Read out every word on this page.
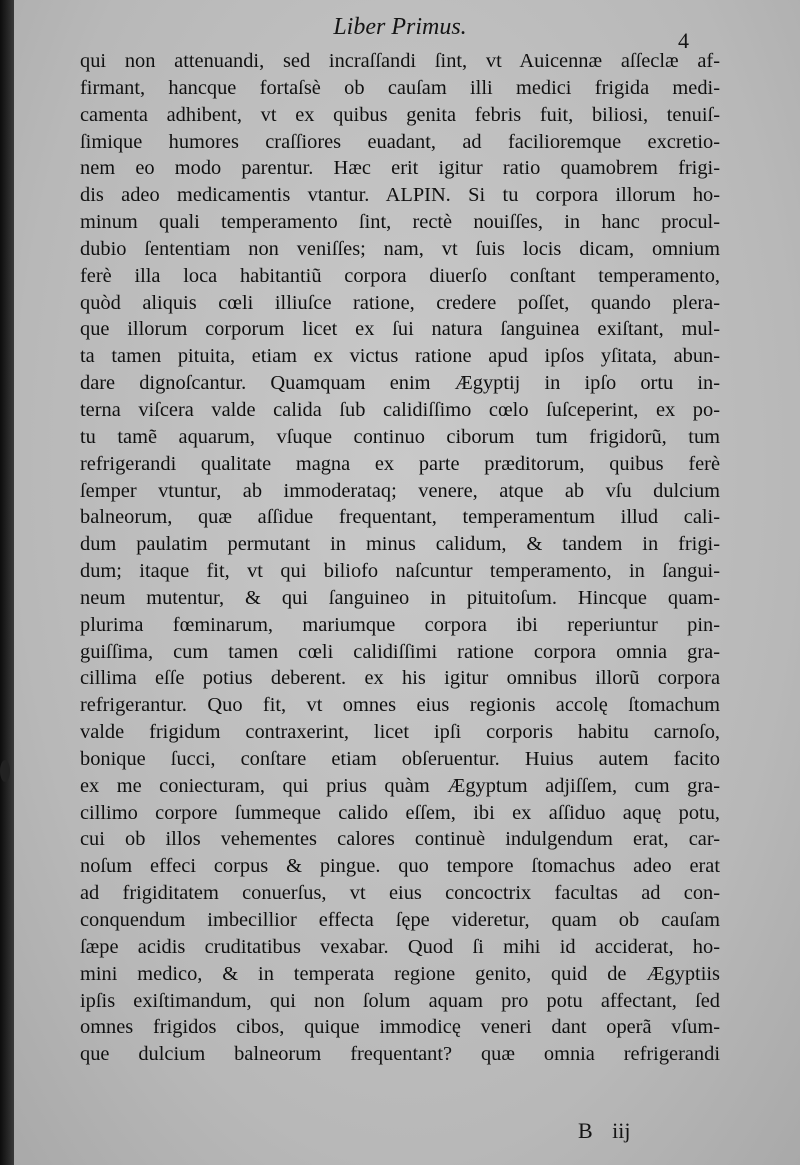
Liber Primus.
4
qui non attenuandi, sed incraſſandi ſint, vt Auicennæ aſſeclæ af-
firmant, hancque fortaſsè ob cauſam illi medici frigida medi-
camenta adhibent, vt ex quibus genita febris fuit, biliosi, tenuiſ-
ſimique humores craſſiores euadant, ad facilioremque excretio-
nem eo modo parentur. Hæc erit igitur ratio quamobrem frigi-
dis adeo medicamentis vtantur. ALPIN. Si tu corpora illorum ho-
minum quali temperamento ſint, rectè nouiſſes, in hanc procul-
dubio ſententiam non veniſſes; nam, vt ſuis locis dicam, omnium
ferè illa loca habitantiũ corpora diuerſo conſtant temperamento,
quòd aliquis cœli illiuſce ratione, credere poſſet, quando plera-
que illorum corporum licet ex ſui natura ſanguinea exiſtant, mul-
ta tamen pituita, etiam ex victus ratione apud ipſos yſitata, abun-
dare dignoſcantur. Quamquam enim Ægyptij in ipſo ortu in-
terna viſcera valde calida ſub calidiſſimo cœlo ſuſceperint, ex po-
tu tamẽ aquarum, vſuque continuo ciborum tum frigidorũ, tum
refrigerandi qualitate magna ex parte præditorum, quibus ferè
ſemper vtuntur, ab immoderataq; venere, atque ab vſu dulcium
balneorum, quæ aſſidue frequentant, temperamentum illud cali-
dum paulatim permutant in minus calidum, & tandem in frigi-
dum; itaque fit, vt qui biliofo naſcuntur temperamento, in ſangui-
neum mutentur, & qui ſanguineo in pituitoſum. Hincque quam-
plurima fœminarum, mariumque corpora ibi reperiuntur pin-
guiſſima, cum tamen cœli calidiſſimi ratione corpora omnia gra-
cillima eſſe potius deberent. ex his igitur omnibus illorũ corpora
refrigerantur. Quo fit, vt omnes eius regionis accolę ſtomachum
valde frigidum contraxerint, licet ipſi corporis habitu carnoſo,
bonique ſucci, conſtare etiam obſeruentur. Huius autem facito
ex me coniecturam, qui prius quàm Ægyptum adjiſſem, cum gra-
cillimo corpore ſummeque calido eſſem, ibi ex aſſiduo aquę potu,
cui ob illos vehementes calores continuè indulgendum erat, car-
noſum effeci corpus & pingue. quo tempore ſtomachus adeo erat
ad frigiditatem conuerſus, vt eius concoctrix facultas ad con-
conquendum imbecillior effecta ſępe videretur, quam ob cauſam
ſæpe acidis cruditatibus vexabar. Quod ſi mihi id acciderat, ho-
mini medico, & in temperata regione genito, quid de Ægyptiis
ipſis exiſtimandum, qui non ſolum aquam pro potu affectant, ſed
omnes frigidos cibos, quique immodicę veneri dant operã vſum-
que dulcium balneorum frequentant? quæ omnia refrigerandi
B iij
